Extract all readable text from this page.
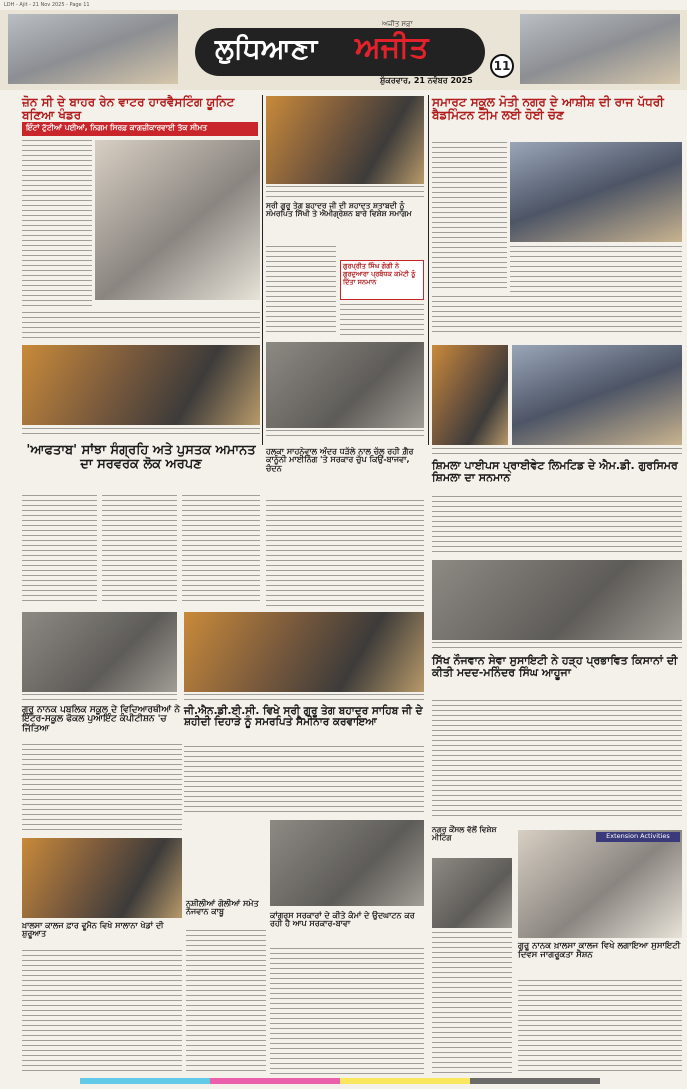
LDH - Ajit - 21 Nov 2025 - Page 11
ਲੁਧਿਆਣਾ	ਅਜੀਤ
ਅਜੀਤ ਸਫ਼ਾ
ਸ਼ੁੱਕਰਵਾਰ, 21 ਨਵੰਬਰ 2025
11
ਜ਼ੋਨ ਸੀ ਦੇ ਬਾਹਰ ਰੇਨ ਵਾਟਰ ਹਾਰਵੈਸਟਿੰਗ ਯੂਨਿਟ ਬਣਿਆ ਖੰਡਰ
ਇੰਟਾਂ ਟੁੱਟੀਆਂ ਪਈਆਂ, ਨਿਗਮ ਸਿਰਫ਼ ਕਾਗਜ਼ੀਕਾਰਵਾਈ ਤੱਕ ਸੀਮਤ
ਸ੍ਰੀ ਗੁਰੂ ਤੇਗ ਬਹਾਦਰ ਜੀ ਦੀ ਸ਼ਹਾਦਤ ਸ਼ਤਾਬਦੀ ਨੂੰ ਸਮਰਪਿਤ ਸਿੱਖੀ ਤੇ ਐਮੀਗ੍ਰੇਸ਼ਨ ਬਾਰੇ ਵਿਸ਼ੇਸ਼ ਸਮਾਗਮ
ਗੁਰਪ੍ਰੀਤ ਸਿੰਘ ਗੋਗੀ ਨੇ ਗੁਰਦੁਆਰਾ ਪ੍ਰਬੰਧਕ ਕਮੇਟੀ ਨੂੰ ਦਿੱਤਾ ਸਨਮਾਨ
ਸਮਾਰਟ ਸਕੂਲ ਮੋਤੀ ਨਗਰ ਦੇ ਆਸ਼ੀਸ਼ ਦੀ ਰਾਜ ਪੱਧਰੀ ਬੈਡਮਿੰਟਨ ਟੀਮ ਲਈ ਹੋਈ ਚੋਣ
'ਆਫਤਾਬ' ਸਾਂਝਾ ਸੰਗ੍ਰਹਿ ਅਤੇ ਪੁਸਤਕ ਅਮਾਨਤ ਦਾ ਸਰਵਰਕ ਲੋਕ ਅਰਪਣ
ਹਲਕਾ ਸਾਹਨੇਵਾਲ ਅੰਦਰ ਧੜੱਲੇ ਨਾਲ ਚੱਲ ਰਹੀ ਗ਼ੈਰ ਕਾਨੂੰਨੀ ਮਾਈਨਿੰਗ 'ਤੇ ਸਰਕਾਰ ਚੁੱਪ ਕਿਉਂ-ਬਾਜਵਾ, ਚੰਦਨ	ਸ਼ਿਮਲਾ ਪਾਈਪਸ ਪ੍ਰਾਈਵੇਟ ਲਿਮਟਿਡ ਦੇ ਐਮ.ਡੀ. ਗੁਰਸਿਮਰ ਸ਼ਿਮਲਾ ਦਾ ਸਨਮਾਨ
ਗੁਰੂ ਨਾਨਕ ਪਬਲਿਕ ਸਕੂਲ ਦੇ ਵਿਦਿਆਰਥੀਆਂ ਨੇ ਇੰਟਰ-ਸਕੂਲ ਫੋਕਲ ਪੁਆਇੰਟ ਕੰਪੀਟੀਸ਼ਨ 'ਚ ਜਿੱਤਿਆ
ਜੀ.ਐਨ.ਡੀ.ਈ.ਸੀ. ਵਿਖੇ ਸ੍ਰੀ ਗੁਰੂ ਤੇਗ ਬਹਾਦਰ ਸਾਹਿਬ ਜੀ ਦੇ ਸ਼ਹੀਦੀ ਦਿਹਾੜੇ ਨੂੰ ਸਮਰਪਿਤ ਸੈਮੀਨਾਰ ਕਰਵਾਇਆ
ਸਿੱਖ ਨੌਜਵਾਨ ਸੇਵਾ ਸੁਸਾਇਟੀ ਨੇ ਹੜ੍ਹ ਪ੍ਰਭਾਵਿਤ ਕਿਸਾਨਾਂ ਦੀ ਕੀਤੀ ਮਦਦ-ਮਨਿੰਦਰ ਸਿੰਘ ਆਹੂਜਾ
ਖ਼ਾਲਸਾ ਕਾਲਜ ਫ਼ਾਰ ਵੂਮੈਨ ਵਿਖੇ ਸਾਲਾਨਾ ਖੇਡਾਂ ਦੀ ਸ਼ੁਰੂਆਤ
ਨਸ਼ੀਲੀਆਂ ਗੋਲੀਆਂ ਸਮੇਤ ਨੌਜਵਾਨ ਕਾਬੂ	ਕਾਂਗਰਸ ਸਰਕਾਰਾਂ ਦੇ ਕੀਤੇ ਕੰਮਾਂ ਦੇ ਉਦਘਾਟਨ ਕਰ ਰਹੀ ਹੈ ਆਪ ਸਰਕਾਰ-ਬਾਵਾ
ਨਗਰ ਕੌਂਸਲ ਵੱਲੋਂ ਵਿਸ਼ੇਸ਼ ਮੀਟਿੰਗ	Extension Activities
ਗੁਰੂ ਨਾਨਕ ਖ਼ਾਲਸਾ ਕਾਲਜ ਵਿਖੇ ਲਗਾਇਆ ਸੁਸਾਇਟੀ ਦਿਵਸ ਜਾਗਰੂਕਤਾ ਸੈਸ਼ਨ
